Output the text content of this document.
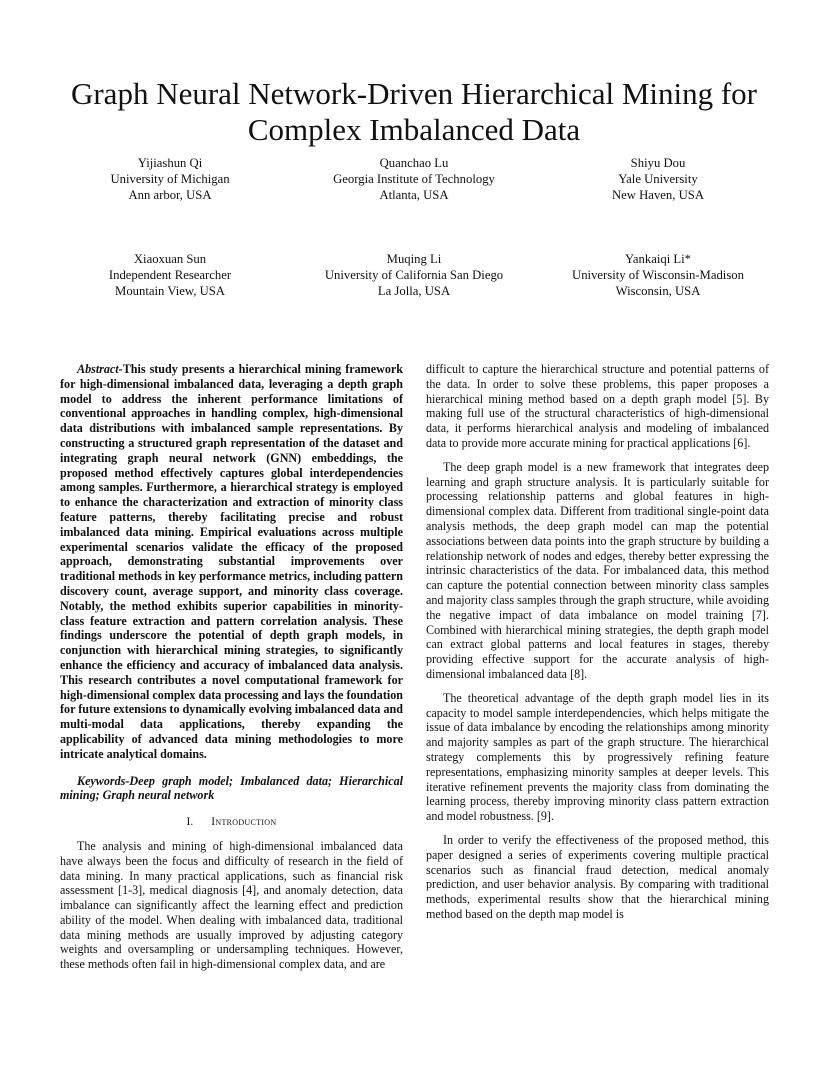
Graph Neural Network-Driven Hierarchical Mining for Complex Imbalanced Data
Yijiashun Qi
University of Michigan
Ann arbor, USA
Quanchao Lu
Georgia Institute of Technology
Atlanta, USA
Shiyu Dou
Yale University
New Haven, USA
Xiaoxuan Sun
Independent Researcher
Mountain View, USA
Muqing Li
University of California San Diego
La Jolla, USA
Yankaiqi Li*
University of Wisconsin-Madison
Wisconsin, USA

Abstract-This study presents a hierarchical mining framework for high-dimensional imbalanced data, leveraging a depth graph model to address the inherent performance limitations of conventional approaches in handling complex, high-dimensional data distributions with imbalanced sample representations. By constructing a structured graph representation of the dataset and integrating graph neural network (GNN) embeddings, the proposed method effectively captures global interdependencies among samples. Furthermore, a hierarchical strategy is employed to enhance the characterization and extraction of minority class feature patterns, thereby facilitating precise and robust imbalanced data mining. Empirical evaluations across multiple experimental scenarios validate the efficacy of the proposed approach, demonstrating substantial improvements over traditional methods in key performance metrics, including pattern discovery count, average support, and minority class coverage. Notably, the method exhibits superior capabilities in minority-class feature extraction and pattern correlation analysis. These findings underscore the potential of depth graph models, in conjunction with hierarchical mining strategies, to significantly enhance the efficiency and accuracy of imbalanced data analysis. This research contributes a novel computational framework for high-dimensional complex data processing and lays the foundation for future extensions to dynamically evolving imbalanced data and multi-modal data applications, thereby expanding the applicability of advanced data mining methodologies to more intricate analytical domains.

Keywords-Deep graph model; Imbalanced data; Hierarchical mining; Graph neural network

I. Introduction

The analysis and mining of high-dimensional imbalanced data have always been the focus and difficulty of research in the field of data mining. In many practical applications, such as financial risk assessment [1-3], medical diagnosis [4], and anomaly detection, data imbalance can significantly affect the learning effect and prediction ability of the model. When dealing with imbalanced data, traditional data mining methods are usually improved by adjusting category weights and oversampling or undersampling techniques. However, these methods often fail in high-dimensional complex data, and are

difficult to capture the hierarchical structure and potential patterns of the data. In order to solve these problems, this paper proposes a hierarchical mining method based on a depth graph model [5]. By making full use of the structural characteristics of high-dimensional data, it performs hierarchical analysis and modeling of imbalanced data to provide more accurate mining for practical applications [6].

The deep graph model is a new framework that integrates deep learning and graph structure analysis. It is particularly suitable for processing relationship patterns and global features in high-dimensional complex data. Different from traditional single-point data analysis methods, the deep graph model can map the potential associations between data points into the graph structure by building a relationship network of nodes and edges, thereby better expressing the intrinsic characteristics of the data. For imbalanced data, this method can capture the potential connection between minority class samples and majority class samples through the graph structure, while avoiding the negative impact of data imbalance on model training [7]. Combined with hierarchical mining strategies, the depth graph model can extract global patterns and local features in stages, thereby providing effective support for the accurate analysis of high-dimensional imbalanced data [8].

The theoretical advantage of the depth graph model lies in its capacity to model sample interdependencies, which helps mitigate the issue of data imbalance by encoding the relationships among minority and majority samples as part of the graph structure. The hierarchical strategy complements this by progressively refining feature representations, emphasizing minority samples at deeper levels. This iterative refinement prevents the majority class from dominating the learning process, thereby improving minority class pattern extraction and model robustness. [9].

In order to verify the effectiveness of the proposed method, this paper designed a series of experiments covering multiple practical scenarios such as financial fraud detection, medical anomaly prediction, and user behavior analysis. By comparing with traditional methods, experimental results show that the hierarchical mining method based on the depth map model is
